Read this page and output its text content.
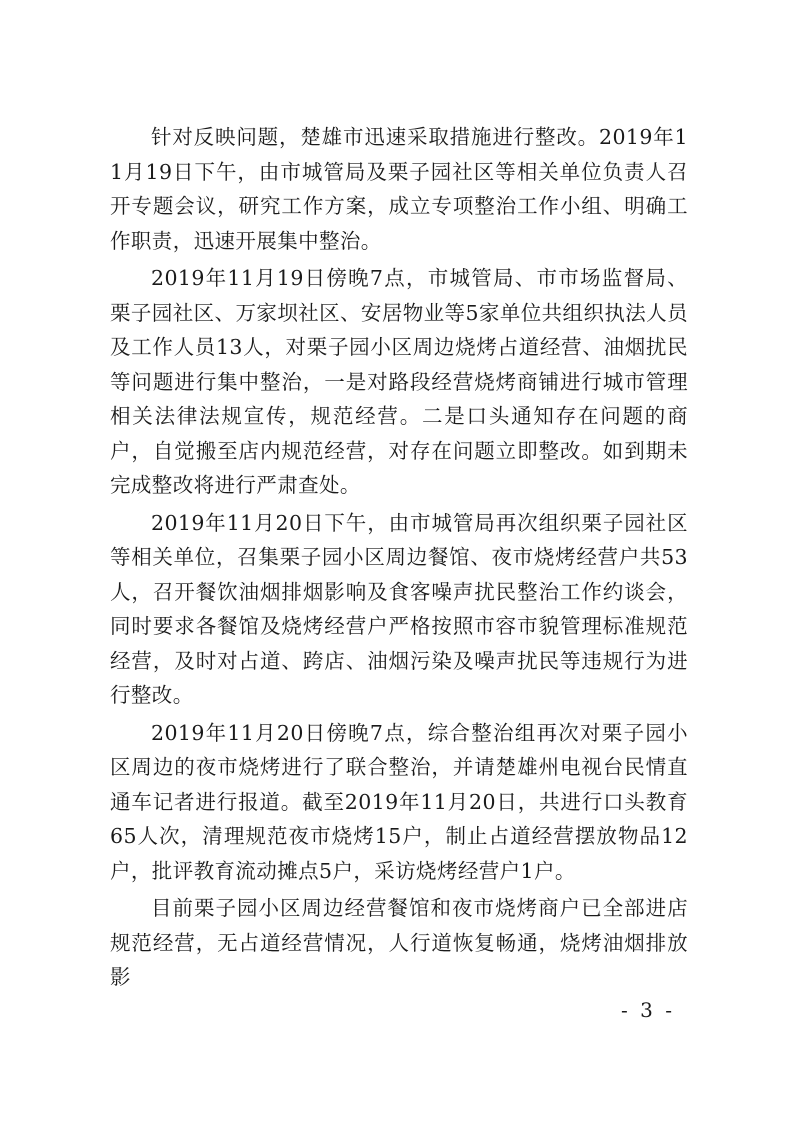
针对反映问题，楚雄市迅速采取措施进行整改。2019年11月19日下午，由市城管局及栗子园社区等相关单位负责人召开专题会议，研究工作方案，成立专项整治工作小组、明确工作职责，迅速开展集中整治。

2019年11月19日傍晚7点，市城管局、市市场监督局、栗子园社区、万家坝社区、安居物业等5家单位共组织执法人员及工作人员13人，对栗子园小区周边烧烤占道经营、油烟扰民等问题进行集中整治，一是对路段经营烧烤商铺进行城市管理相关法律法规宣传，规范经营。二是口头通知存在问题的商户，自觉搬至店内规范经营，对存在问题立即整改。如到期未完成整改将进行严肃查处。

2019年11月20日下午，由市城管局再次组织栗子园社区等相关单位，召集栗子园小区周边餐馆、夜市烧烤经营户共53人，召开餐饮油烟排烟影响及食客噪声扰民整治工作约谈会，同时要求各餐馆及烧烤经营户严格按照市容市貌管理标准规范经营，及时对占道、跨店、油烟污染及噪声扰民等违规行为进行整改。

2019年11月20日傍晚7点，综合整治组再次对栗子园小区周边的夜市烧烤进行了联合整治，并请楚雄州电视台民情直通车记者进行报道。截至2019年11月20日，共进行口头教育65人次，清理规范夜市烧烤15户，制止占道经营摆放物品12户，批评教育流动摊点5户，采访烧烤经营户1户。

目前栗子园小区周边经营餐馆和夜市烧烤商户已全部进店规范经营，无占道经营情况，人行道恢复畅通，烧烤油烟排放影

- 3 -
